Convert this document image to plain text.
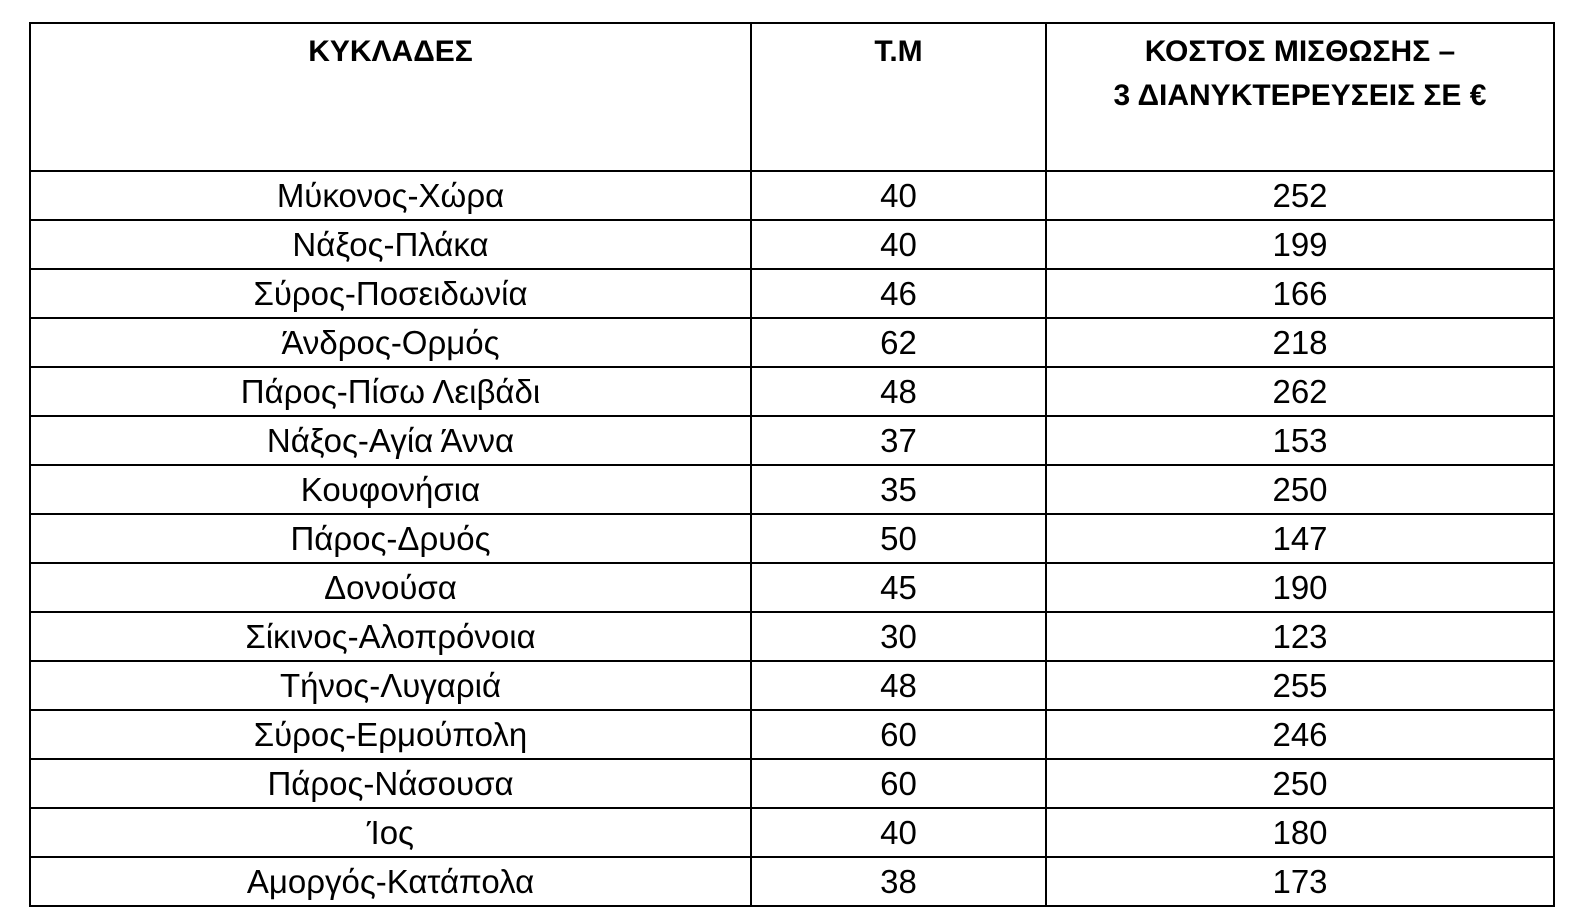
ΚΥΚΛΑΔΕΣ	Τ.Μ	ΚΟΣΤΟΣ ΜΙΣΘΩΣΗΣ –
3 ΔΙΑΝΥΚΤΕΡΕΥΣΕΙΣ ΣΕ €

Μύκονος-Χώρα	40	252
Νάξος-Πλάκα	40	199
Σύρος-Ποσειδωνία	46	166
Άνδρος-Ορμός	62	218
Πάρος-Πίσω Λειβάδι	48	262
Νάξος-Αγία Άννα	37	153
Κουφονήσια	35	250
Πάρος-Δρυός	50	147
Δονούσα	45	190
Σίκινος-Αλοπρόνοια	30	123
Τήνος-Λυγαριά	48	255
Σύρος-Ερμούπολη	60	246
Πάρος-Νάσουσα	60	250
Ίος	40	180
Αμοργός-Κατάπολα	38	173
